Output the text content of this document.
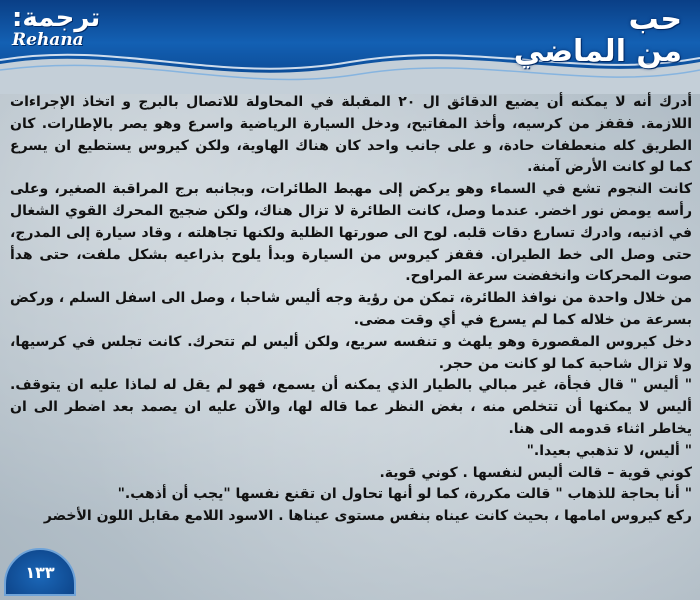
حب
من الماضي
ترجمة:
Rehana

أدرك أنه لا يمكنه أن يضيع الدقائق ال ٢٠ المقبلة في المحاولة للاتصال بالبرج و اتخاذ الإجراءات اللازمة. فقفز من كرسيه، وأخذ المفاتيح، ودخل السيارة الرياضية واسرع وهو يصر بالإطارات. كان الطريق كله منعطفات حادة، و على جانب واحد كان هناك الهاوية، ولكن كيروس يستطيع ان يسرع كما لو كانت الأرض آمنة.

كانت النجوم تشع في السماء وهو يركض إلى مهبط الطائرات، وبجانبه برج المراقبة الصغير، وعلى رأسه يومض نور اخضر. عندما وصل، كانت الطائرة لا تزال هناك، ولكن ضجيج المحرك القوي الشغال في اذنيه، وادرك تسارع دقات قلبه. لوح الى صورتها الظلية ولكنها تجاهلته ، وقاد سيارة إلى المدرج، حتى وصل الى خط الطيران. فقفز كيروس من السيارة وبدأ يلوح بذراعيه بشكل ملفت، حتى هدأ صوت المحركات وانخفضت سرعة المراوح.

من خلال واحدة من نوافذ الطائرة، تمكن من رؤية وجه أليس شاحبا ، وصل الى اسفل السلم ، وركض بسرعة من خلاله كما لم يسرع في أي وقت مضى.

دخل كيروس المقصورة وهو يلهث و تنفسه سريع، ولكن أليس لم تتحرك. كانت تجلس في كرسيها، ولا تزال شاحبة كما لو كانت من حجر.

" أليس " قال فجأة، غير مبالي بالطيار الذي يمكنه أن يسمع، فهو لم يقل له لماذا عليه ان يتوقف. أليس لا يمكنها أن تتخلص منه ، بغض النظر عما قاله لها، والآن عليه ان يصمد بعد اضطر الى ان يخاطر اثناء قدومه الى هنا.

" أليس، لا تذهبي بعيدا."

كوني قوية – قالت أليس لنفسها . كوني قوية.

" أنا بحاجة للذهاب " قالت مكررة، كما لو أنها تحاول ان تقنع نفسها "يجب أن أذهب."

ركع كيروس امامها ، بحيث كانت عيناه بنفس مستوى عيناها . الاسود اللامع مقابل اللون الأخضر

١٣٣
